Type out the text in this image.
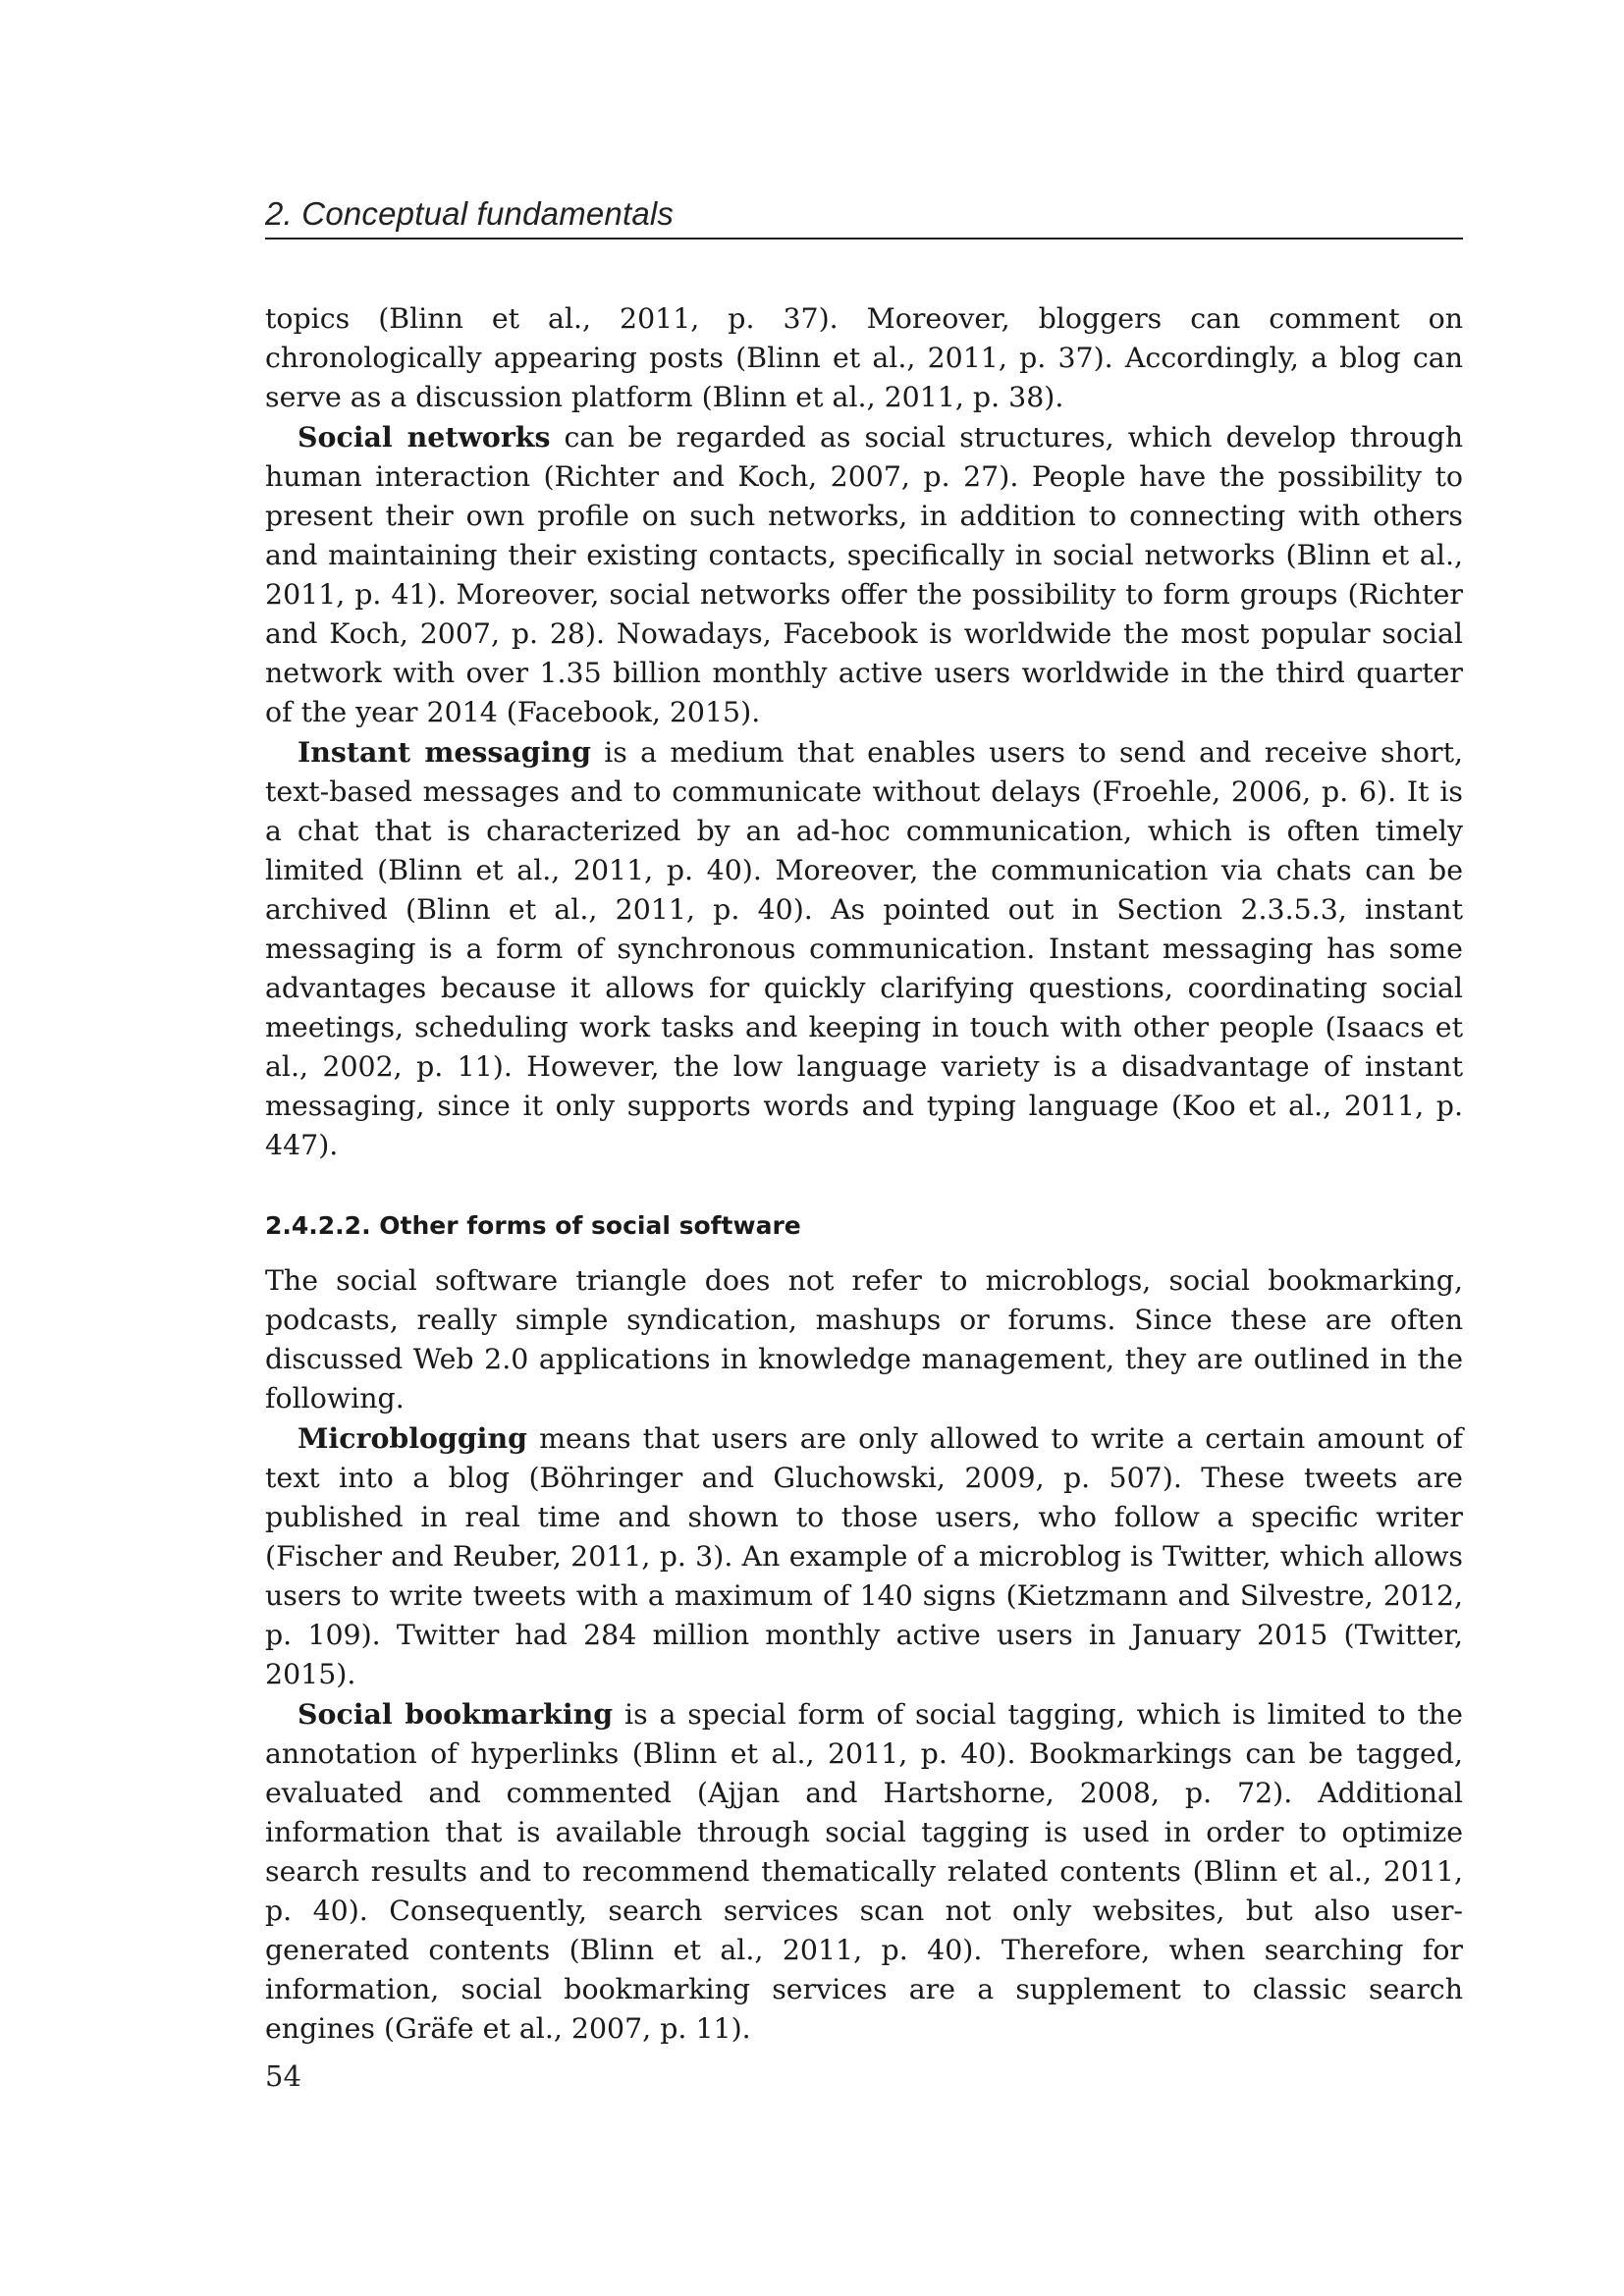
2. Conceptual fundamentals

topics (Blinn et al., 2011, p. 37). Moreover, bloggers can comment on chronologically appearing posts (Blinn et al., 2011, p. 37). Accordingly, a blog can serve as a discussion platform (Blinn et al., 2011, p. 38).

Social networks can be regarded as social structures, which develop through human interaction (Richter and Koch, 2007, p. 27). People have the possibility to present their own profile on such networks, in addition to connecting with others and maintaining their existing contacts, specifically in social networks (Blinn et al., 2011, p. 41). Moreover, social networks offer the possibility to form groups (Richter and Koch, 2007, p. 28). Nowadays, Facebook is worldwide the most popular social network with over 1.35 billion monthly active users worldwide in the third quarter of the year 2014 (Facebook, 2015).

Instant messaging is a medium that enables users to send and receive short, text-based messages and to communicate without delays (Froehle, 2006, p. 6). It is a chat that is characterized by an ad-hoc communication, which is often timely limited (Blinn et al., 2011, p. 40). Moreover, the communication via chats can be archived (Blinn et al., 2011, p. 40). As pointed out in Section 2.3.5.3, instant messaging is a form of synchronous communication. Instant messaging has some advantages because it allows for quickly clarifying questions, coordinating social meetings, scheduling work tasks and keeping in touch with other people (Isaacs et al., 2002, p. 11). However, the low language variety is a disadvantage of instant messaging, since it only supports words and typing language (Koo et al., 2011, p. 447).

2.4.2.2. Other forms of social software

The social software triangle does not refer to microblogs, social bookmarking, podcasts, really simple syndication, mashups or forums. Since these are often discussed Web 2.0 applications in knowledge management, they are outlined in the following.

Microblogging means that users are only allowed to write a certain amount of text into a blog (Böhringer and Gluchowski, 2009, p. 507). These tweets are published in real time and shown to those users, who follow a specific writer (Fischer and Reuber, 2011, p. 3). An example of a microblog is Twitter, which allows users to write tweets with a maximum of 140 signs (Kietzmann and Silvestre, 2012, p. 109). Twitter had 284 million monthly active users in January 2015 (Twitter, 2015).

Social bookmarking is a special form of social tagging, which is limited to the annotation of hyperlinks (Blinn et al., 2011, p. 40). Bookmarkings can be tagged, evaluated and commented (Ajjan and Hartshorne, 2008, p. 72). Additional information that is available through social tagging is used in order to optimize search results and to recommend thematically related contents (Blinn et al., 2011, p. 40). Consequently, search services scan not only websites, but also user-generated contents (Blinn et al., 2011, p. 40). Therefore, when searching for information, social bookmarking services are a supplement to classic search engines (Gräfe et al., 2007, p. 11).

54
